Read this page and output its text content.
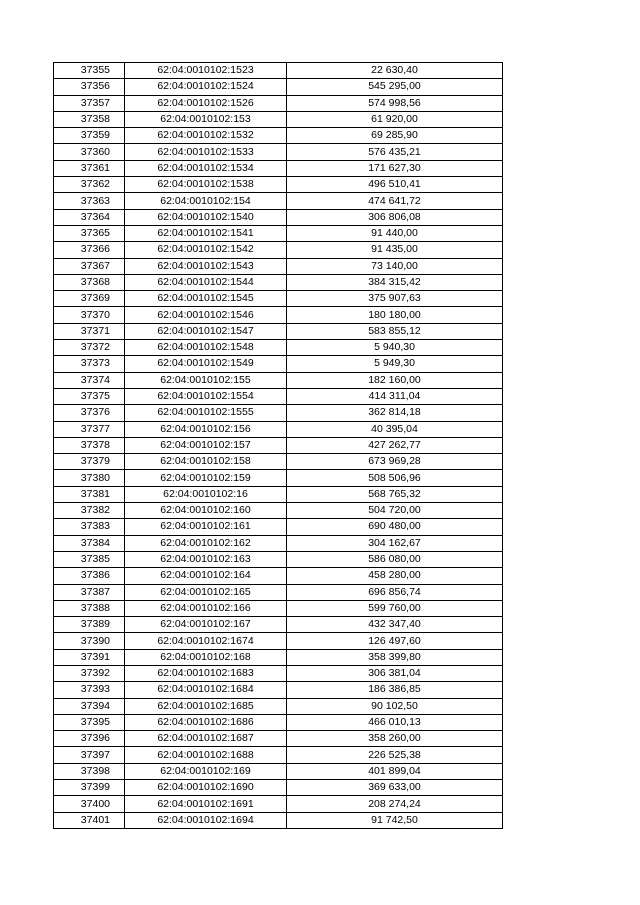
37355	62:04:0010102:1523	22 630,40
37356	62:04:0010102:1524	545 295,00
37357	62:04:0010102:1526	574 998,56
37358	62:04:0010102:153	61 920,00
37359	62:04:0010102:1532	69 285,90
37360	62:04:0010102:1533	576 435,21
37361	62:04:0010102:1534	171 627,30
37362	62:04:0010102:1538	496 510,41
37363	62:04:0010102:154	474 641,72
37364	62:04:0010102:1540	306 806,08
37365	62:04:0010102:1541	91 440,00
37366	62:04:0010102:1542	91 435,00
37367	62:04:0010102:1543	73 140,00
37368	62:04:0010102:1544	384 315,42
37369	62:04:0010102:1545	375 907,63
37370	62:04:0010102:1546	180 180,00
37371	62:04:0010102:1547	583 855,12
37372	62:04:0010102:1548	5 940,30
37373	62:04:0010102:1549	5 949,30
37374	62:04:0010102:155	182 160,00
37375	62:04:0010102:1554	414 311,04
37376	62:04:0010102:1555	362 814,18
37377	62:04:0010102:156	40 395,04
37378	62:04:0010102:157	427 262,77
37379	62:04:0010102:158	673 969,28
37380	62:04:0010102:159	508 506,96
37381	62:04:0010102:16	568 765,32
37382	62:04:0010102:160	504 720,00
37383	62:04:0010102:161	690 480,00
37384	62:04:0010102:162	304 162,67
37385	62:04:0010102:163	586 080,00
37386	62:04:0010102:164	458 280,00
37387	62:04:0010102:165	696 856,74
37388	62:04:0010102:166	599 760,00
37389	62:04:0010102:167	432 347,40
37390	62:04:0010102:1674	126 497,60
37391	62:04:0010102:168	358 399,80
37392	62:04:0010102:1683	306 381,04
37393	62:04:0010102:1684	186 386,85
37394	62:04:0010102:1685	90 102,50
37395	62:04:0010102:1686	466 010,13
37396	62:04:0010102:1687	358 260,00
37397	62:04:0010102:1688	226 525,38
37398	62:04:0010102:169	401 899,04
37399	62:04:0010102:1690	369 633,00
37400	62:04:0010102:1691	208 274,24
37401	62:04:0010102:1694	91 742,50
